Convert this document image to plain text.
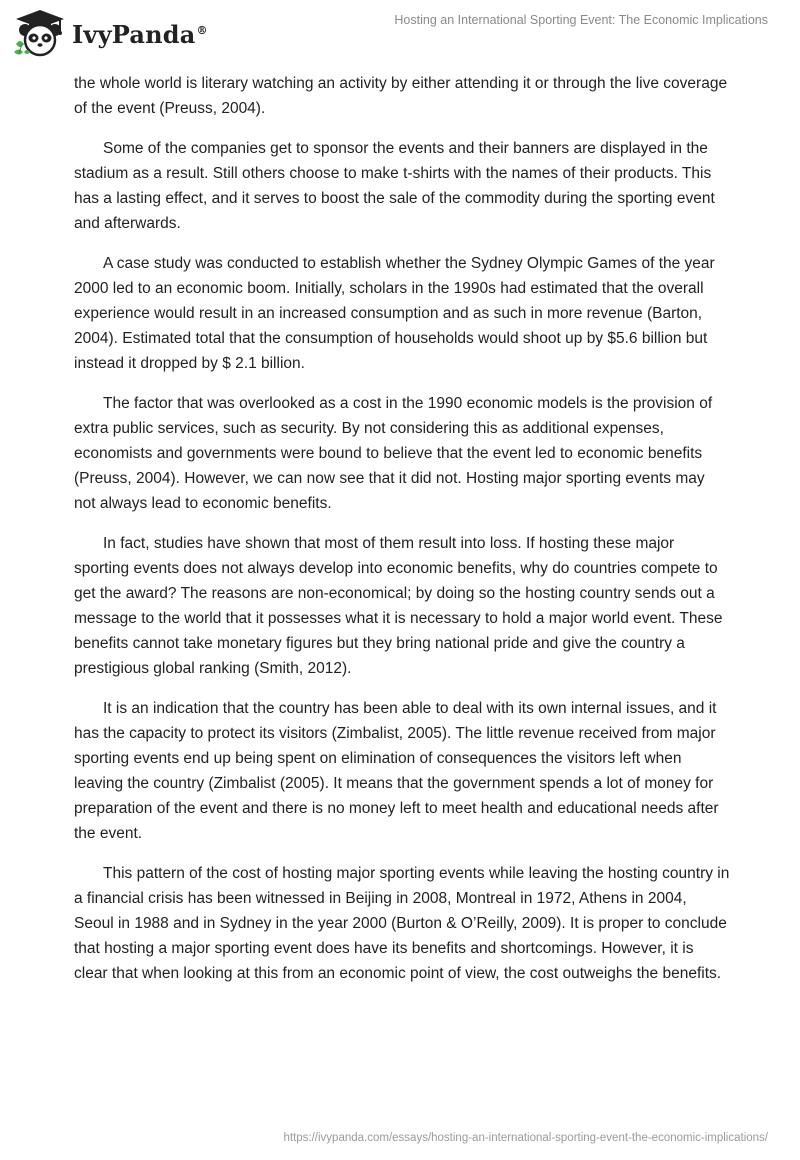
IvyPanda®
Hosting an International Sporting Event: The Economic Implications

the whole world is literary watching an activity by either attending it or through the live coverage of the event (Preuss, 2004).

Some of the companies get to sponsor the events and their banners are displayed in the stadium as a result. Still others choose to make t-shirts with the names of their products. This has a lasting effect, and it serves to boost the sale of the commodity during the sporting event and afterwards.

A case study was conducted to establish whether the Sydney Olympic Games of the year 2000 led to an economic boom. Initially, scholars in the 1990s had estimated that the overall experience would result in an increased consumption and as such in more revenue (Barton, 2004). Estimated total that the consumption of households would shoot up by $5.6 billion but instead it dropped by $ 2.1 billion.

The factor that was overlooked as a cost in the 1990 economic models is the provision of extra public services, such as security. By not considering this as additional expenses, economists and governments were bound to believe that the event led to economic benefits (Preuss, 2004). However, we can now see that it did not. Hosting major sporting events may not always lead to economic benefits.

In fact, studies have shown that most of them result into loss. If hosting these major sporting events does not always develop into economic benefits, why do countries compete to get the award? The reasons are non-economical; by doing so the hosting country sends out a message to the world that it possesses what it is necessary to hold a major world event. These benefits cannot take monetary figures but they bring national pride and give the country a prestigious global ranking (Smith, 2012).

It is an indication that the country has been able to deal with its own internal issues, and it has the capacity to protect its visitors (Zimbalist, 2005). The little revenue received from major sporting events end up being spent on elimination of consequences the visitors left when leaving the country (Zimbalist (2005). It means that the government spends a lot of money for preparation of the event and there is no money left to meet health and educational needs after the event.

This pattern of the cost of hosting major sporting events while leaving the hosting country in a financial crisis has been witnessed in Beijing in 2008, Montreal in 1972, Athens in 2004, Seoul in 1988 and in Sydney in the year 2000 (Burton & O’Reilly, 2009). It is proper to conclude that hosting a major sporting event does have its benefits and shortcomings. However, it is clear that when looking at this from an economic point of view, the cost outweighs the benefits.

https://ivypanda.com/essays/hosting-an-international-sporting-event-the-economic-implications/
